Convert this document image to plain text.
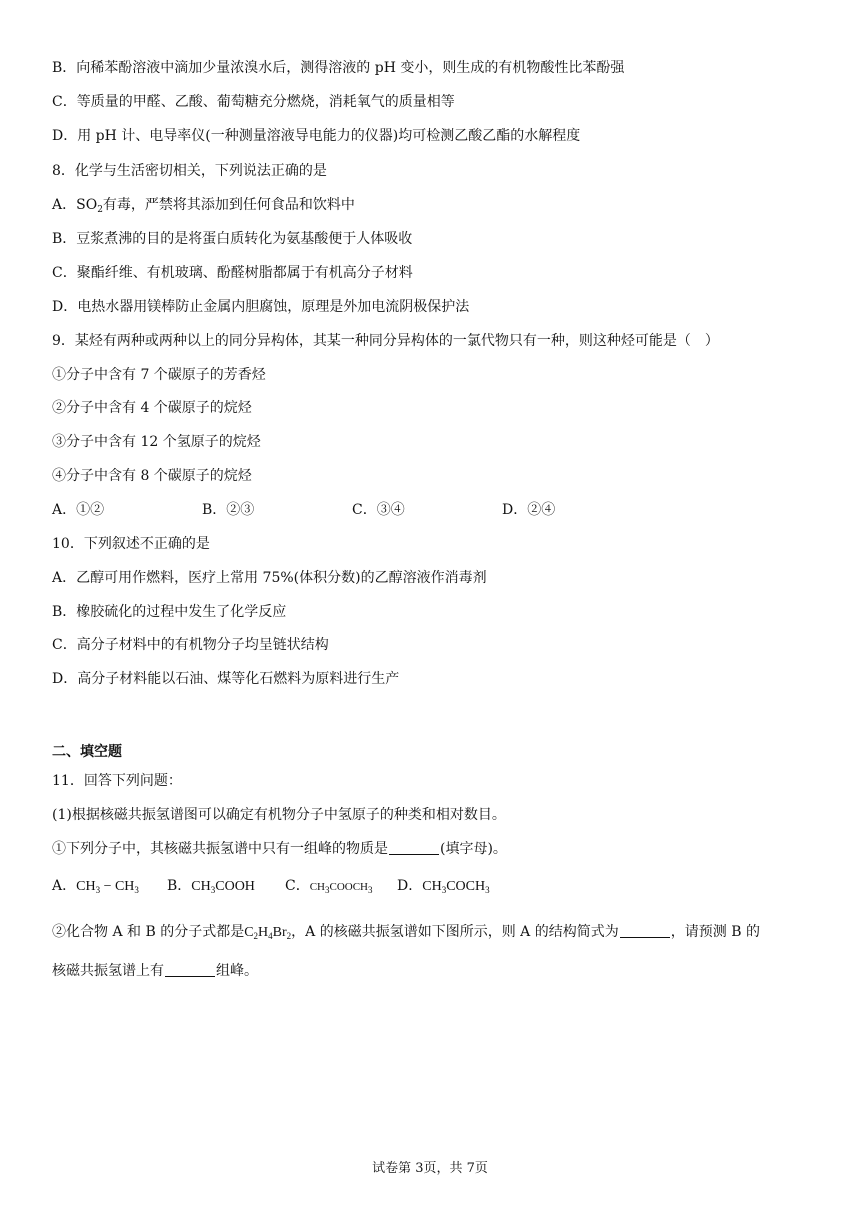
B．向稀苯酚溶液中滴加少量浓溴水后，测得溶液的 pH 变小，则生成的有机物酸性比苯酚强
C．等质量的甲醛、乙酸、葡萄糖充分燃烧，消耗氧气的质量相等
D．用 pH 计、电导率仪(一种测量溶液导电能力的仪器)均可检测乙酸乙酯的水解程度
8．化学与生活密切相关，下列说法正确的是
A．$SO_2$有毒，严禁将其添加到任何食品和饮料中
B．豆浆煮沸的目的是将蛋白质转化为氨基酸便于人体吸收
C．聚酯纤维、有机玻璃、酚醛树脂都属于有机高分子材料
D．电热水器用镁棒防止金属内胆腐蚀，原理是外加电流阴极保护法
9．某烃有两种或两种以上的同分异构体，其某一种同分异构体的一氯代物只有一种，则这种烃可能是（　）
①分子中含有 7 个碳原子的芳香烃
②分子中含有 4 个碳原子的烷烃
③分子中含有 12 个氢原子的烷烃
④分子中含有 8 个碳原子的烷烃
A．①②	B．②③	C．③④	D．②④
10．下列叙述不正确的是
A．乙醇可用作燃料，医疗上常用 75%(体积分数)的乙醇溶液作消毒剂
B．橡胶硫化的过程中发生了化学反应
C．高分子材料中的有机物分子均呈链状结构
D．高分子材料能以石油、煤等化石燃料为原料进行生产
二、填空题
11．回答下列问题：
(1)根据核磁共振氢谱图可以确定有机物分子中氢原子的种类和相对数目。
①下列分子中，其核磁共振氢谱中只有一组峰的物质是	(填字母)。
A．$CH_3 - CH_3$ B．$CH_3COOH$ C．$CH_3COOCH_3$ D．$CH_3COCH_3$
②化合物 A 和 B 的分子式都是$C_2H_4Br_2$，A 的核磁共振氢谱如下图所示，则 A 的结构简式为	，请预测 B 的
核磁共振氢谱上有	组峰。
试卷第 3页，共 7页
